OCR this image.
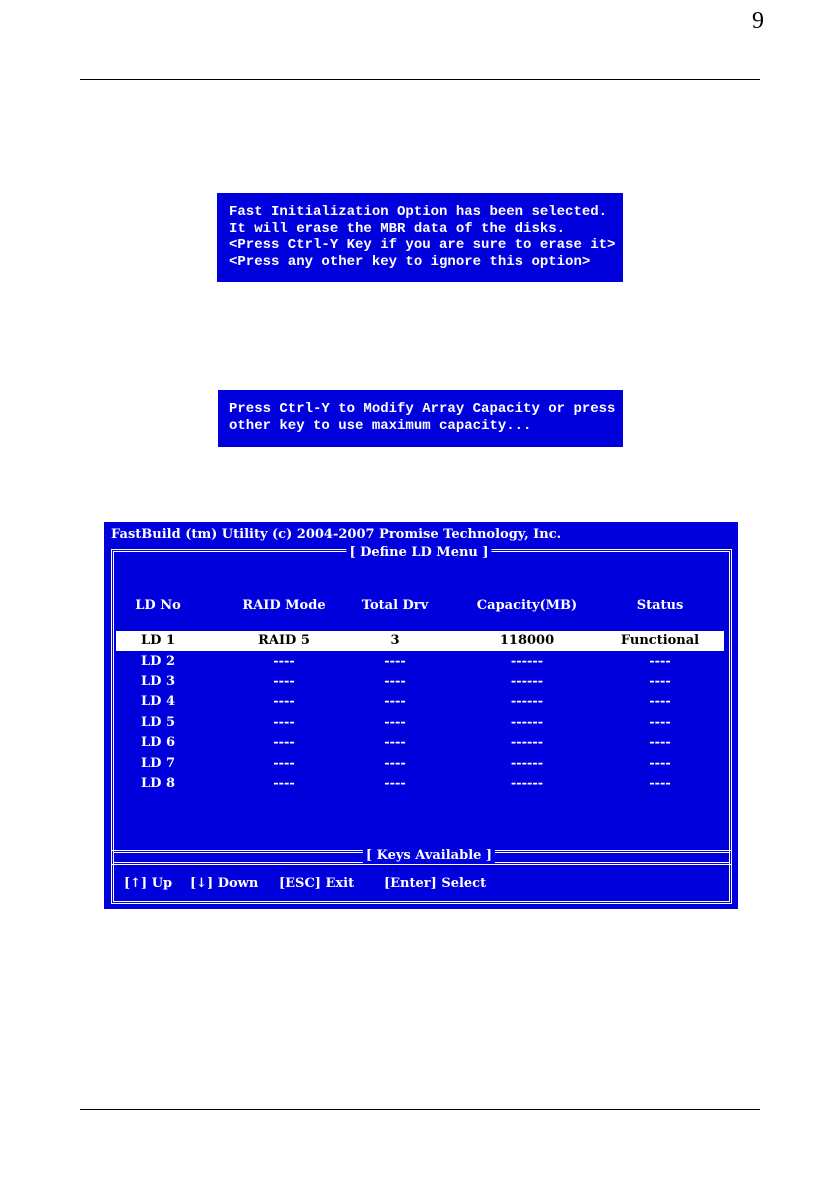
9
Fast Initialization Option has been selected.
It will erase the MBR data of the disks.
<Press Ctrl-Y Key if you are sure to erase it>
<Press any other key to ignore this option>
Press Ctrl-Y to Modify Array Capacity or press any
other key to use maximum capacity...
FastBuild (tm) Utility (c) 2004-2007 Promise Technology, Inc.
[ Define LD Menu ]
LD No	RAID Mode	Total Drv	Capacity(MB)	Status
LD 1	RAID 5	3	118000	Functional
LD 2	----	----	------	----
LD 3	----	----	------	----
LD 4	----	----	------	----
LD 5	----	----	------	----
LD 6	----	----	------	----
LD 7	----	----	------	----
LD 8	----	----	------	----
[ Keys Available ]
[↑] Up [↓] Down [ESC] Exit [Enter] Select
